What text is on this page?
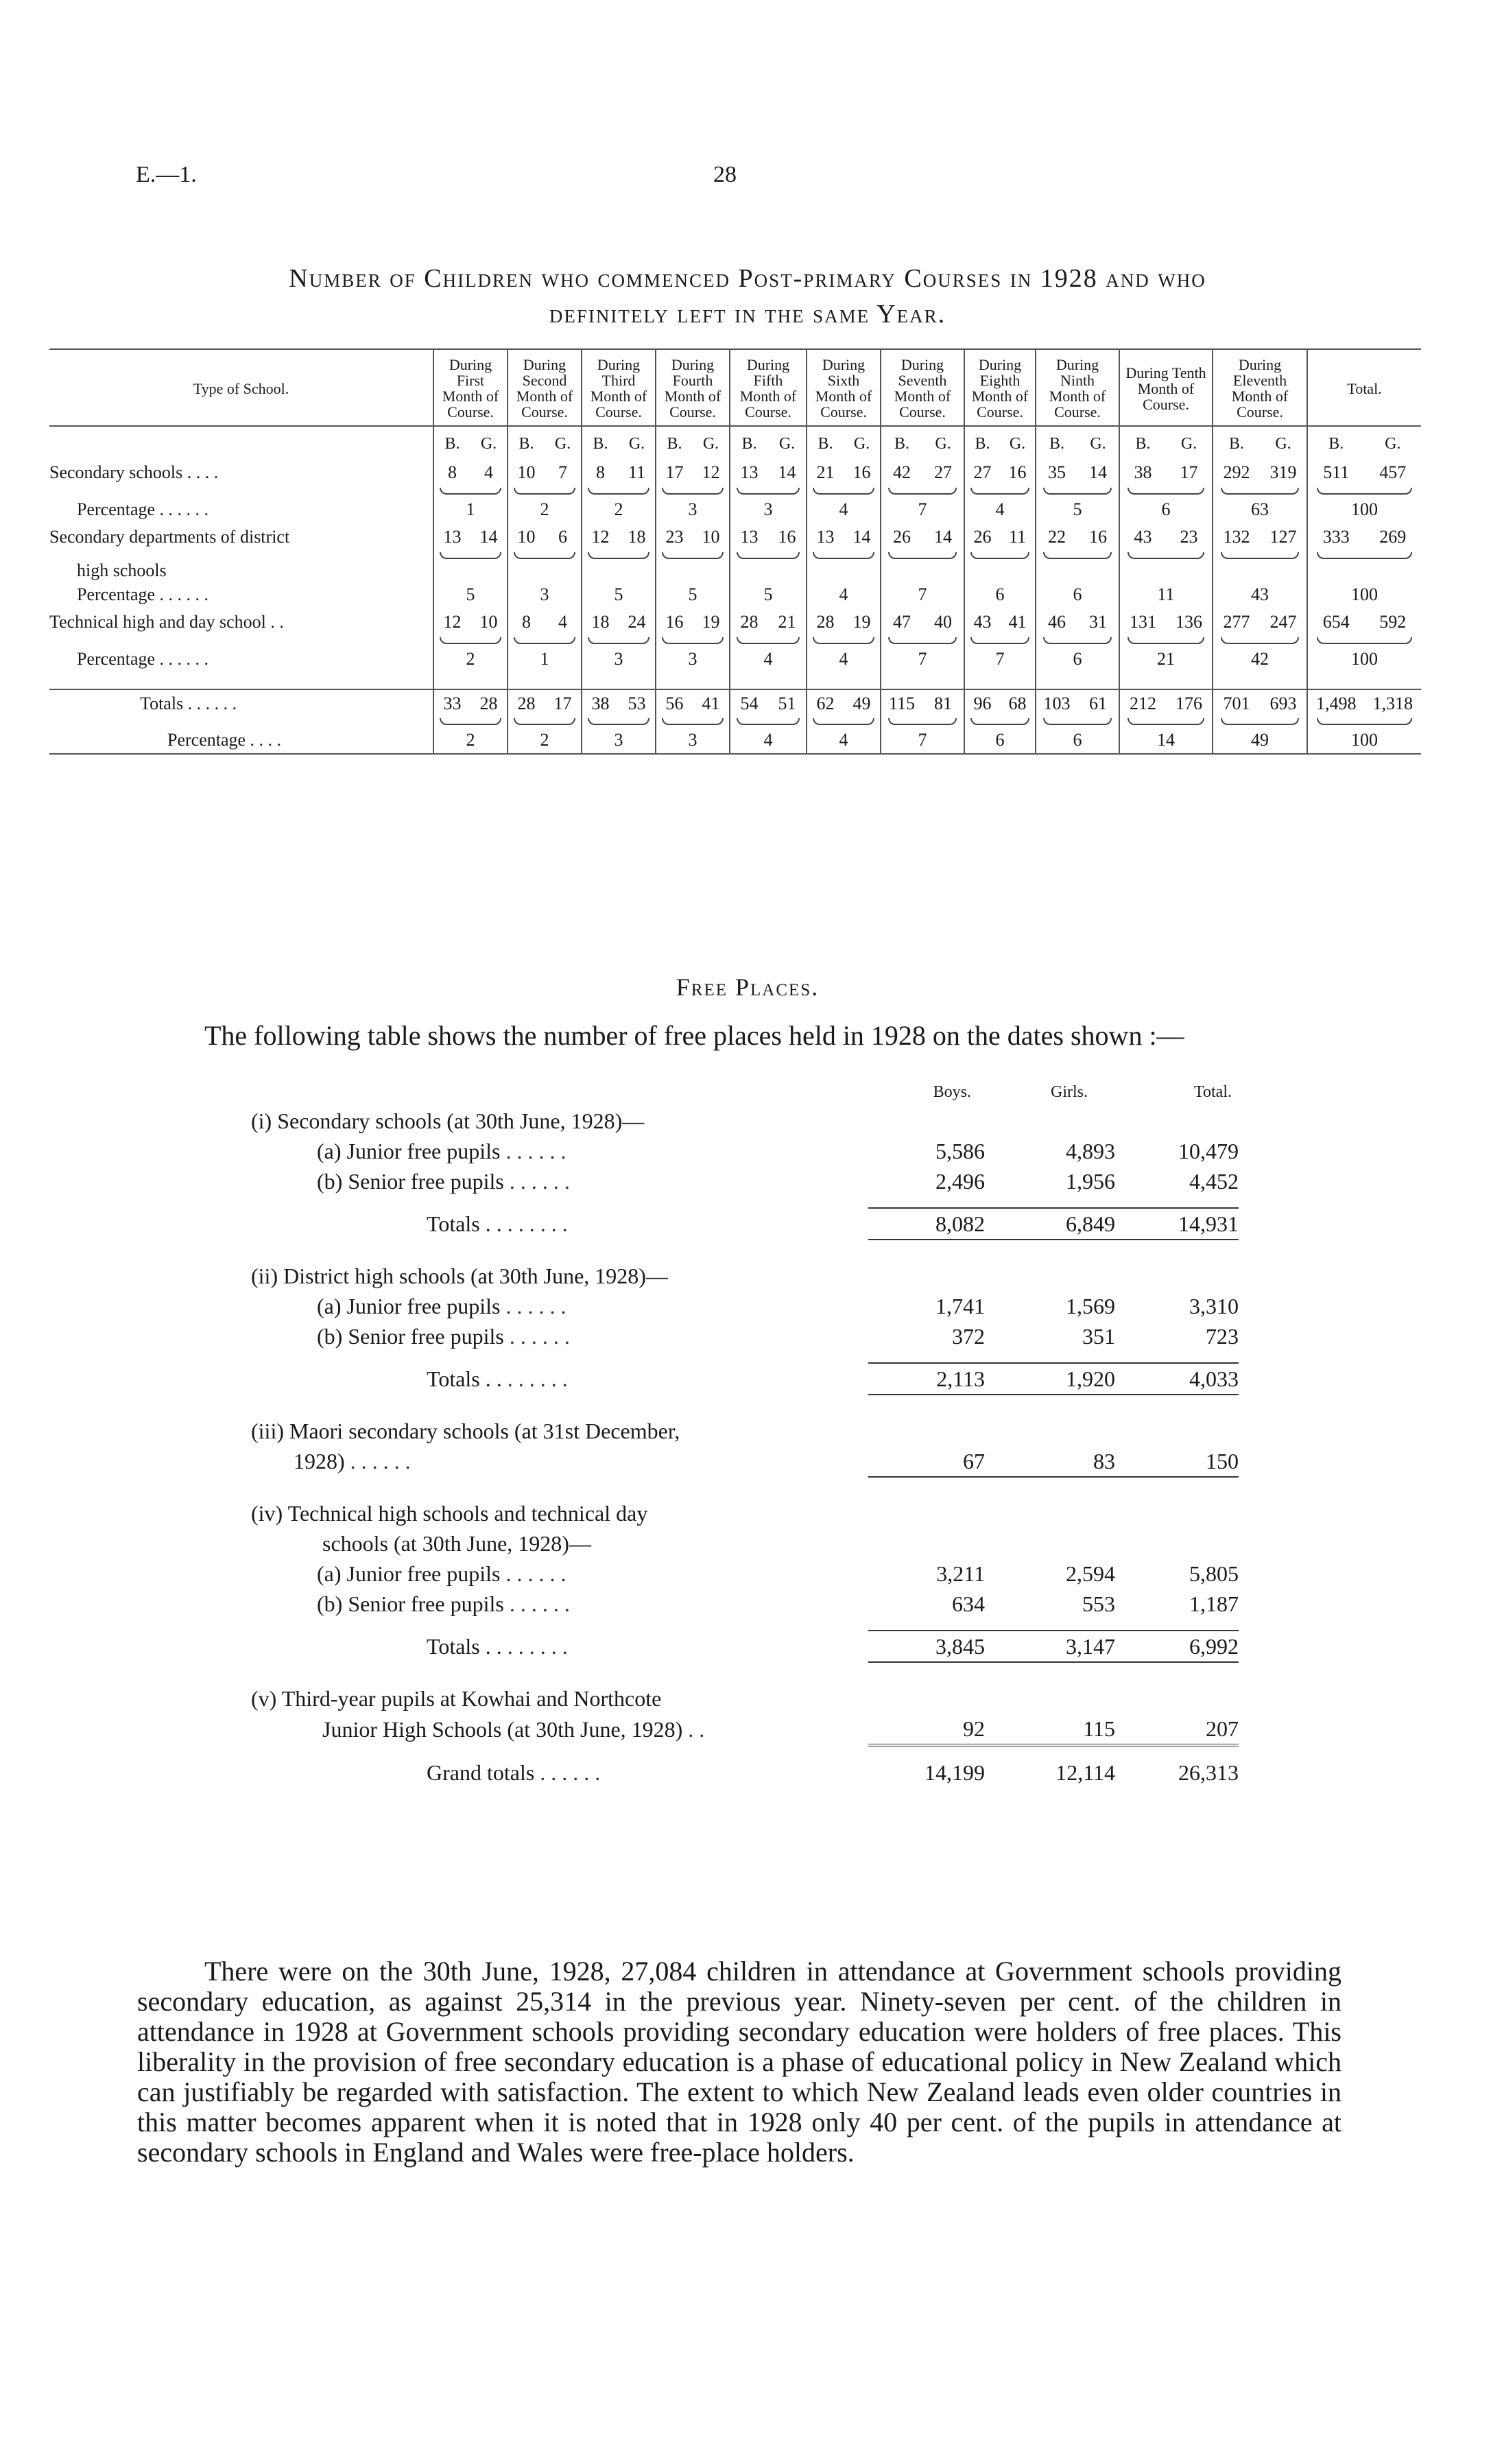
E.—1.	28
Number of Children who commenced Post-primary Courses in 1928 and who
definitely left in the same Year.
Type of School.	During First Month of Course.	During Second Month of Course.	During Third Month of Course.	During Fourth Month of Course.	During Fifth Month of Course.	During Sixth Month of Course.	During Seventh Month of Course.	During Eighth Month of Course.	During Ninth Month of Course.	During Tenth Month of Course.	During Eleventh Month of Course.	Total.
	B. G.	B. G.	B. G.	B. G.	B. G.	B. G.	B. G.	B. G.	B. G.	B. G.	B. G.	B. G.
Secondary schools . . . .	8 4	10 7	8 11	17 12	13 14	21 16	42 27	27 16	35 14	38 17	292 319	511 457

Percentage . . . . . .	1	2	2	3	3	4	7	4	5	6	63	100
Secondary departments of district	13 14	10 6	12 18	23 10	13 16	13 14	26 14	26 11	22 16	43 23	132 127	333 269

high schools												
Percentage . . . . . .	5	3	5	5	5	4	7	6	6	11	43	100
Technical high and day school . .	12 10	8 4	18 24	16 19	28 21	28 19	47 40	43 41	46 31	131 136	277 247	654 592

Percentage . . . . . .	2	1	3	3	4	4	7	7	6	21	42	100

Totals . . . . . .	33 28	28 17	38 53	56 41	54 51	62 49	115 81	96 68	103 61	212 176	701 693	1,498 1,318

Percentage . . . .	2	2	3	3	4	4	7	6	6	14	49	100
Free Places.
The following table shows the number of free places held in 1928 on the dates shown :—
	Boys.	Girls.	Total.
(i) Secondary schools (at 30th June, 1928)—			
(a) Junior free pupils . .	5,586	4,893	10,479
(b) Senior free pupils . .	2,496	1,956	4,452

Totals . . . .	8,082	6,849	14,931

(ii) District high schools (at 30th June, 1928)—			
(a) Junior free pupils . .	1,741	1,569	3,310
(b) Senior free pupils . .	372	351	723

Totals . . . .	2,113	1,920	4,033

(iii) Maori secondary schools (at 31st December,			
1928) . .	67	83	150

(iv) Technical high schools and technical day			
schools (at 30th June, 1928)—			
(a) Junior free pupils . .	3,211	2,594	5,805
(b) Senior free pupils . .	634	553	1,187

Totals . . . .	3,845	3,147	6,992

(v) Third-year pupils at Kowhai and Northcote			
Junior High Schools (at 30th June, 1928) . .	92	115	207

Grand totals . .	14,199	12,114	26,313
There were on the 30th June, 1928, 27,084 children in attendance at Government schools providing secondary education, as against 25,314 in the previous year. Ninety-seven per cent. of the children in attendance in 1928 at Government schools providing secondary education were holders of free places. This liberality in the provision of free secondary education is a phase of educational policy in New Zealand which can justifiably be regarded with satisfaction. The extent to which New Zealand leads even older countries in this matter becomes apparent when it is noted that in 1928 only 40 per cent. of the pupils in attendance at secondary schools in England and Wales were free-place holders.
